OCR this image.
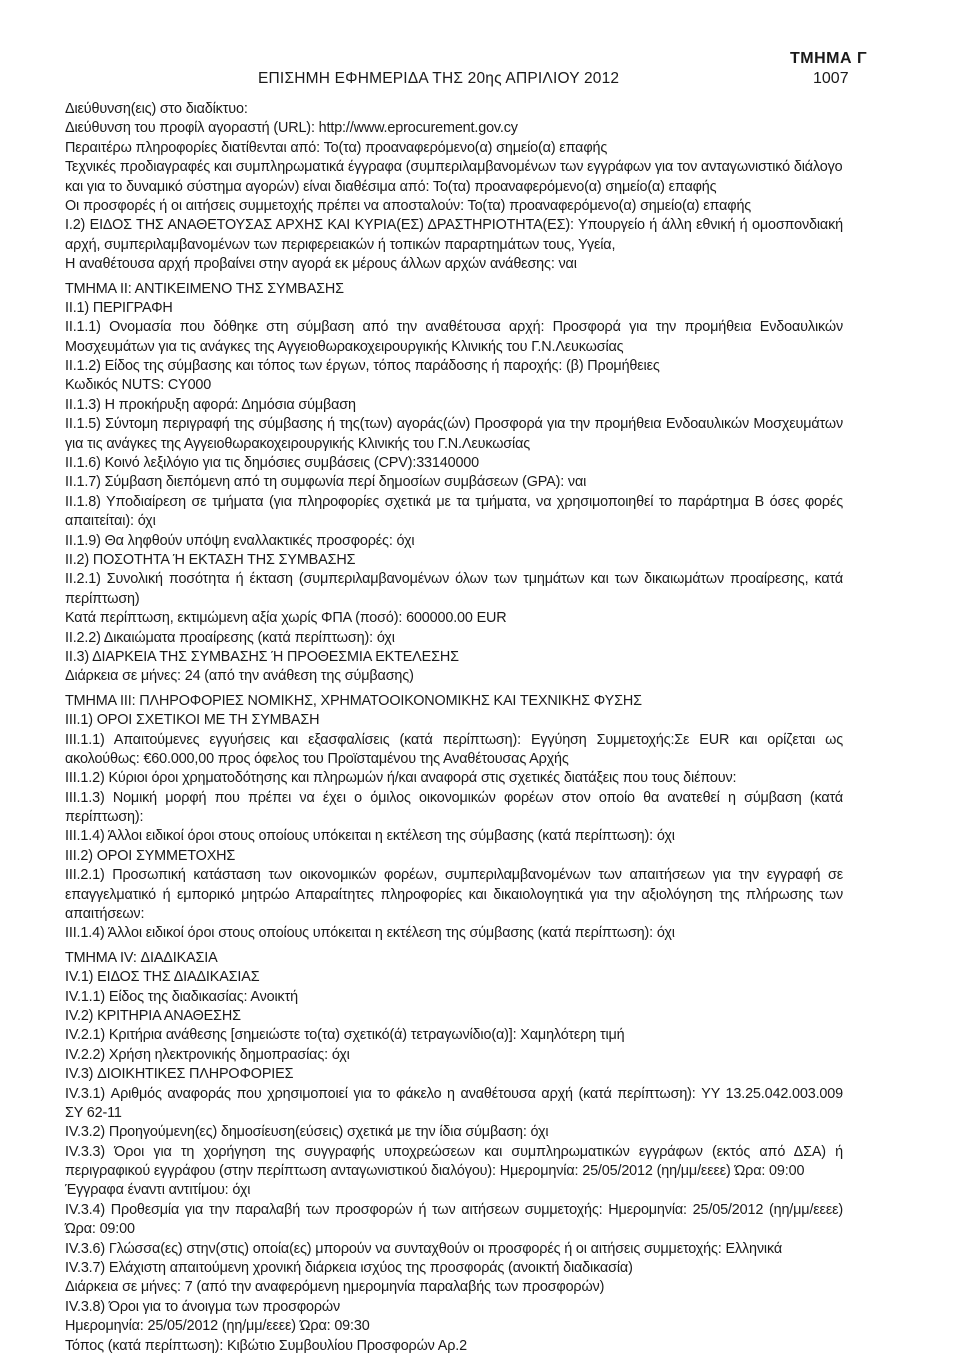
ΤΜΗΜΑ Γ
ΕΠΙΣΗΜΗ ΕΦΗΜΕΡΙΔΑ ΤΗΣ 20ης ΑΠΡΙΛΙΟΥ 2012	1007
Διεύθυνση(εις) στο διαδίκτυο:
Διεύθυνση του προφίλ αγοραστή (URL): http://www.eprocurement.gov.cy
Περαιτέρω πληροφορίες διατίθενται από: Το(τα) προαναφερόμενο(α) σημείο(α) επαφής
Τεχνικές προδιαγραφές και συμπληρωματικά έγγραφα (συμπεριλαμβανομένων των εγγράφων για τον ανταγωνιστικό διάλογο
και για το δυναμικό σύστημα αγορών) είναι διαθέσιμα από: Το(τα) προαναφερόμενο(α) σημείο(α) επαφής
Οι προσφορές ή οι αιτήσεις συμμετοχής πρέπει να αποσταλούν: Το(τα) προαναφερόμενο(α) σημείο(α) επαφής
Ι.2) ΕΙΔΟΣ ΤΗΣ ΑΝΑΘΕΤΟΥΣΑΣ ΑΡΧΗΣ ΚΑΙ ΚΥΡΙΑ(ΕΣ) ΔΡΑΣΤΗΡΙΟΤΗΤΑ(ΕΣ): Υπουργείο ή άλλη εθνική ή ομοσπονδιακή
αρχή, συμπεριλαμβανομένων των περιφερειακών ή τοπικών παραρτημάτων τους, Υγεία,
Η αναθέτουσα αρχή προβαίνει στην αγορά εκ μέρους άλλων αρχών ανάθεσης: ναι
ΤΜΗΜΑ ΙΙ: ΑΝΤΙΚΕΙΜΕΝΟ ΤΗΣ ΣΥΜΒΑΣΗΣ
ΙΙ.1) ΠΕΡΙΓΡΑΦΗ
ΙΙ.1.1) Ονομασία που δόθηκε στη σύμβαση από την αναθέτουσα αρχή: Προσφορά για την προμήθεια Ενδοαυλικών
Μοσχευμάτων για τις ανάγκες της Αγγειοθωρακοχειρουργικής Κλινικής του Γ.Ν.Λευκωσίας
ΙΙ.1.2) Είδος της σύμβασης και τόπος των έργων, τόπος παράδοσης ή παροχής: (β) Προμήθειες
Κωδικός NUTS: CY000
ΙΙ.1.3) Η προκήρυξη αφορά: Δημόσια σύμβαση
ΙΙ.1.5) Σύντομη περιγραφή της σύμβασης ή της(των) αγοράς(ών) Προσφορά για την προμήθεια Ενδοαυλικών Μοσχευμάτων
για τις ανάγκες της Αγγειοθωρακοχειρουργικής Κλινικής του Γ.Ν.Λευκωσίας
ΙΙ.1.6) Κοινό λεξιλόγιο για τις δημόσιες συμβάσεις (CPV):33140000
ΙΙ.1.7) Σύμβαση διεπόμενη από τη συμφωνία περί δημοσίων συμβάσεων (GPA): ναι
ΙΙ.1.8) Υποδιαίρεση σε τμήματα (για πληροφορίες σχετικά με τα τμήματα, να χρησιμοποιηθεί το παράρτημα Β όσες φορές
απαιτείται): όχι
ΙΙ.1.9) Θα ληφθούν υπόψη εναλλακτικές προσφορές: όχι
ΙΙ.2) ΠΟΣΟΤΗΤΑ Ή ΕΚΤΑΣΗ ΤΗΣ ΣΥΜΒΑΣΗΣ
ΙΙ.2.1) Συνολική ποσότητα ή έκταση (συμπεριλαμβανομένων όλων των τμημάτων και των δικαιωμάτων προαίρεσης, κατά
περίπτωση)
Κατά περίπτωση, εκτιμώμενη αξία χωρίς ΦΠΑ (ποσό): 600000.00 EUR
ΙΙ.2.2) Δικαιώματα προαίρεσης (κατά περίπτωση): όχι
ΙΙ.3) ΔΙΑΡΚΕΙΑ ΤΗΣ ΣΥΜΒΑΣΗΣ Ή ΠΡΟΘΕΣΜΙΑ ΕΚΤΕΛΕΣΗΣ
Διάρκεια σε μήνες: 24 (από την ανάθεση της σύμβασης)
ΤΜΗΜΑ ΙΙΙ: ΠΛΗΡΟΦΟΡΙΕΣ ΝΟΜΙΚΗΣ, ΧΡΗΜΑΤΟΟΙΚΟΝΟΜΙΚΗΣ ΚΑΙ ΤΕΧΝΙΚΗΣ ΦΥΣΗΣ
ΙΙΙ.1) ΟΡΟΙ ΣΧΕΤΙΚΟΙ ΜΕ ΤΗ ΣΥΜΒΑΣΗ
ΙΙΙ.1.1) Απαιτούμενες εγγυήσεις και εξασφαλίσεις (κατά περίπτωση): Εγγύηση Συμμετοχής:Σε EUR και ορίζεται ως
ακολούθως: €60.000,00 προς όφελος του Προϊσταμένου της Αναθέτουσας Αρχής
ΙΙΙ.1.2) Κύριοι όροι χρηματοδότησης και πληρωμών ή/και αναφορά στις σχετικές διατάξεις που τους διέπουν:
ΙΙΙ.1.3) Νομική μορφή που πρέπει να έχει ο όμιλος οικονομικών φορέων στον οποίο θα ανατεθεί η σύμβαση (κατά
περίπτωση):
ΙΙΙ.1.4) Άλλοι ειδικοί όροι στους οποίους υπόκειται η εκτέλεση της σύμβασης (κατά περίπτωση): όχι
ΙΙΙ.2) ΟΡΟΙ ΣΥΜΜΕΤΟΧΗΣ
ΙΙΙ.2.1) Προσωπική κατάσταση των οικονομικών φορέων, συμπεριλαμβανομένων των απαιτήσεων για την εγγραφή σε
επαγγελματικό ή εμπορικό μητρώο Απαραίτητες πληροφορίες και δικαιολογητικά για την αξιολόγηση της πλήρωσης των
απαιτήσεων:
ΙΙΙ.1.4) Άλλοι ειδικοί όροι στους οποίους υπόκειται η εκτέλεση της σύμβασης (κατά περίπτωση): όχι
ΤΜΗΜΑ ΙV: ΔΙΑΔΙΚΑΣΙΑ
ΙV.1) ΕΙΔΟΣ ΤΗΣ ΔΙΑΔΙΚΑΣΙΑΣ
ΙV.1.1) Είδος της διαδικασίας: Ανοικτή
ΙV.2) ΚΡΙΤΗΡΙΑ ΑΝΑΘΕΣΗΣ
ΙV.2.1) Κριτήρια ανάθεσης [σημειώστε το(τα) σχετικό(ά) τετραγωνίδιο(α)]: Χαμηλότερη τιμή
ΙV.2.2) Χρήση ηλεκτρονικής δημοπρασίας: όχι
ΙV.3) ΔΙΟΙΚΗΤΙΚΕΣ ΠΛΗΡΟΦΟΡΙΕΣ
ΙV.3.1) Αριθμός αναφοράς που χρησιμοποιεί για το φάκελο η αναθέτουσα αρχή (κατά περίπτωση): YY 13.25.042.003.009
ΣΥ 62-11
ΙV.3.2) Προηγούμενη(ες) δημοσίευση(εύσεις) σχετικά με την ίδια σύμβαση: όχι
ΙV.3.3) Όροι για τη χορήγηση της συγγραφής υποχρεώσεων και συμπληρωματικών εγγράφων (εκτός από ΔΣΑ) ή
περιγραφικού εγγράφου (στην περίπτωση ανταγωνιστικού διαλόγου): Ημερομηνία: 25/05/2012 (ηη/μμ/εεεε) Ώρα: 09:00
Έγγραφα έναντι αντιτίμου: όχι
ΙV.3.4) Προθεσμία για την παραλαβή των προσφορών ή των αιτήσεων συμμετοχής: Ημερομηνία: 25/05/2012 (ηη/μμ/εεεε)
Ώρα: 09:00
ΙV.3.6) Γλώσσα(ες) στην(στις) οποία(ες) μπορούν να συνταχθούν οι προσφορές ή οι αιτήσεις συμμετοχής: Ελληνικά
ΙV.3.7) Ελάχιστη απαιτούμενη χρονική διάρκεια ισχύος της προσφοράς (ανοικτή διαδικασία)
Διάρκεια σε μήνες: 7 (από την αναφερόμενη ημερομηνία παραλαβής των προσφορών)
ΙV.3.8) Όροι για το άνοιγμα των προσφορών
Ημερομηνία: 25/05/2012 (ηη/μμ/εεεε) Ώρα: 09:30
Τόπος (κατά περίπτωση): Κιβώτιο Συμβουλίου Προσφορών Αρ.2
